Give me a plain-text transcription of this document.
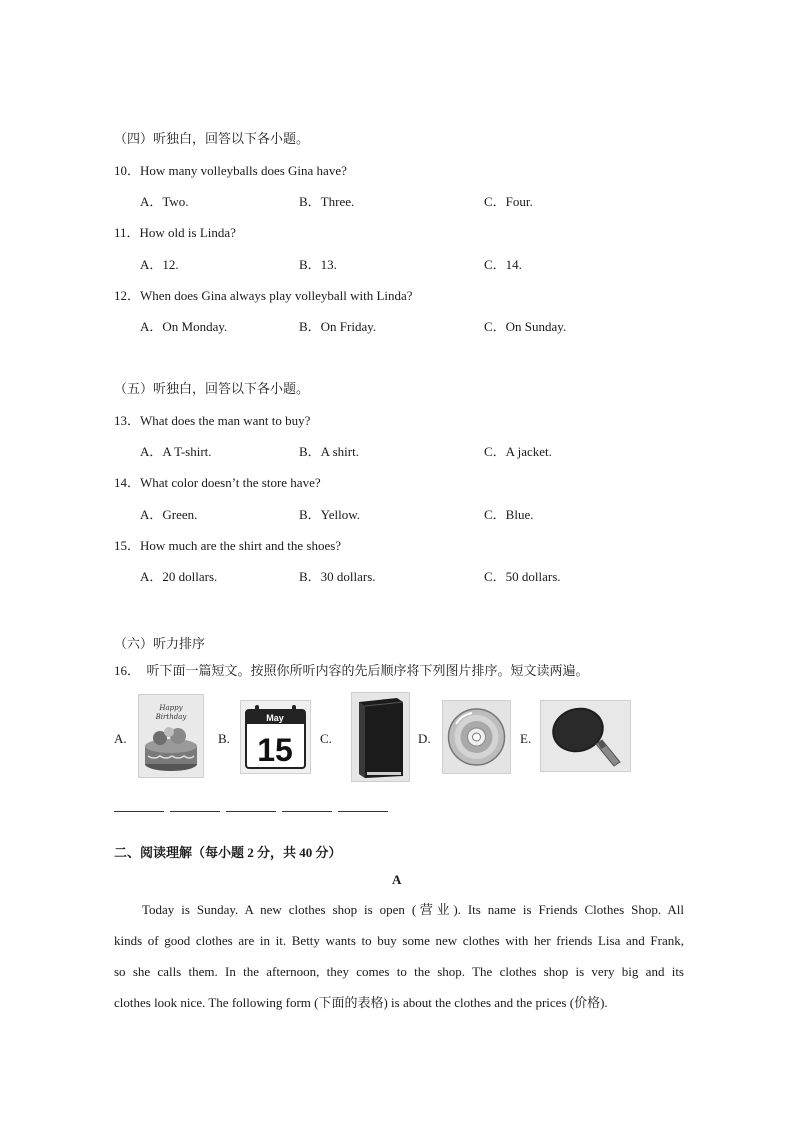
（四）听独白，回答以下各小题。
10．How many volleyballs does Gina have?
A．Two.	B．Three.	C．Four.
11．How old is Linda?
A．12.	B．13.	C．14.
12．When does Gina always play volleyball with Linda?
A．On Monday.	B．On Friday.	C．On Sunday.
（五）听独白，回答以下各小题。
13．What does the man want to buy?
A．A T-shirt.	B．A shirt.	C．A jacket.
14．What color doesn’t the store have?
A．Green.	B．Yellow.	C．Blue.
15．How much are the shirt and the shoes?
A．20 dollars.	B．30 dollars.	C．50 dollars.
（六）听力排序
16．　听下面一篇短文。按照你所听内容的先后顺序将下列图片排序。短文读两遍。
A.
Happy
Birthday
B.
May
15 C.	D.	E.
二、阅读理解（每小题 2 分，共 40 分）
A

Today is Sunday. A new clothes shop is open (营业). Its name is Friends Clothes Shop. All

kinds of good clothes are in it. Betty wants to buy some new clothes with her friends Lisa and Frank,

so she calls them. In the afternoon, they comes to the shop. The clothes shop is very big and its

clothes look nice. The following form (下面的表格) is about the clothes and the prices (价格).
